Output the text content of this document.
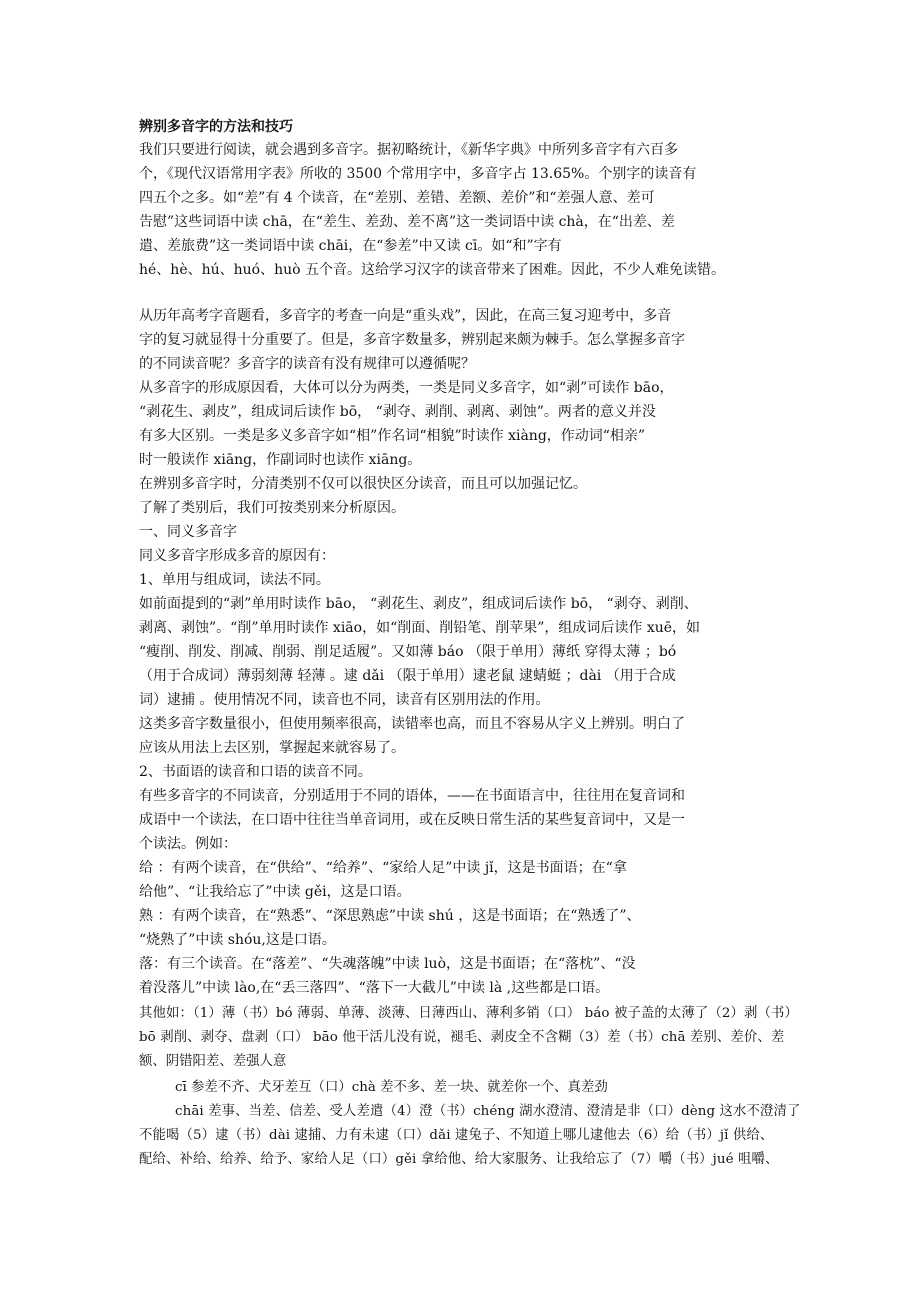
辨别多音字的方法和技巧
我们只要进行阅读，就会遇到多音字。据初略统计，《新华字典》中所列多音字有六百多
个，《现代汉语常用字表》所收的 3500 个常用字中，多音字占 13.65%。个别字的读音有
四五个之多。如“差”有 4 个读音，在“差别、差错、差额、差价”和“差强人意、差可
告慰”这些词语中读 chā，在“差生、差劲、差不离”这一类词语中读 chà，在“出差、差
遣、差旅费”这一类词语中读 chāi，在“参差”中又读 cī。如“和”字有
hé、hè、hú、huó、huò 五个音。这给学习汉字的读音带来了困难。因此，不少人难免读错。
从历年高考字音题看，多音字的考查一向是“重头戏”，因此，在高三复习迎考中，多音
字的复习就显得十分重要了。但是，多音字数量多，辨别起来颇为棘手。怎么掌握多音字
的不同读音呢？多音字的读音有没有规律可以遵循呢？
从多音字的形成原因看，大体可以分为两类，一类是同义多音字，如“剥”可读作 bāo，
“剥花生、剥皮”，组成词后读作 bō， “剥夺、剥削、剥离、剥蚀”。两者的意义并没
有多大区别。一类是多义多音字如“相”作名词“相貌”时读作 xiàng，作动词“相亲”
时一般读作 xiāng，作副词时也读作 xiāng。
在辨别多音字时，分清类别不仅可以很快区分读音，而且可以加强记忆。
了解了类别后，我们可按类别来分析原因。
一、同义多音字
同义多音字形成多音的原因有：
1、单用与组成词，读法不同。
如前面提到的“剥”单用时读作 bāo， “剥花生、剥皮”，组成词后读作 bō， “剥夺、剥削、
剥离、剥蚀”。“削”单用时读作 xiāo，如“削面、削铅笔、削苹果”，组成词后读作 xuē，如
“瘦削、削发、削减、削弱、削足适履”。又如薄 báo （限于单用）薄纸 穿得太薄 ；bó
（用于合成词）薄弱刻薄 轻薄 。逮 dǎi （限于单用）逮老鼠 逮蜻蜓 ；dài （用于合成
词）逮捕 。使用情况不同，读音也不同，读音有区别用法的作用。
这类多音字数量很小，但使用频率很高，读错率也高，而且不容易从字义上辨别。明白了
应该从用法上去区别，掌握起来就容易了。
2、书面语的读音和口语的读音不同。
有些多音字的不同读音，分别适用于不同的语体，——在书面语言中，往往用在复音词和
成语中一个读法，在口语中往往当单音词用，或在反映日常生活的某些复音词中，又是一
个读法。例如：
给 ：有两个读音，在“供给”、“给养”、“家给人足”中读 jǐ，这是书面语；在“拿
给他”、“让我给忘了”中读 gěi，这是口语。
熟 ：有两个读音，在“熟悉”、“深思熟虑”中读 shú ，这是书面语；在“熟透了”、
“烧熟了”中读 shóu,这是口语。
落：有三个读音。在“落差”、“失魂落魄”中读 luò，这是书面语；在“落枕”、“没
着没落儿”中读 lào,在“丢三落四”、“落下一大截儿”中读 là ,这些都是口语。
其他如：（1）薄（书）bó 薄弱、单薄、淡薄、日薄西山、薄利多销（口） báo 被子盖的太薄了（2）剥（书）
bō 剥削、剥夺、盘剥（口） bāo 他干活儿没有说，褪毛、剥皮全不含糊（3）差（书）chā 差别、差价、差
额、阴错阳差、差强人意
cī 参差不齐、犬牙差互（口）chà 差不多、差一块、就差你一个、真差劲
chāi 差事、当差、信差、受人差遣（4）澄（书）chéng 湖水澄清、澄清是非（口）dèng 这水不澄清了
不能喝（5）逮（书）dài 逮捕、力有未逮（口）dǎi 逮兔子、不知道上哪儿逮他去（6）给（书）jǐ 供给、
配给、补给、给养、给予、家给人足（口）gěi 拿给他、给大家服务、让我给忘了（7）嚼（书）jué 咀嚼、
